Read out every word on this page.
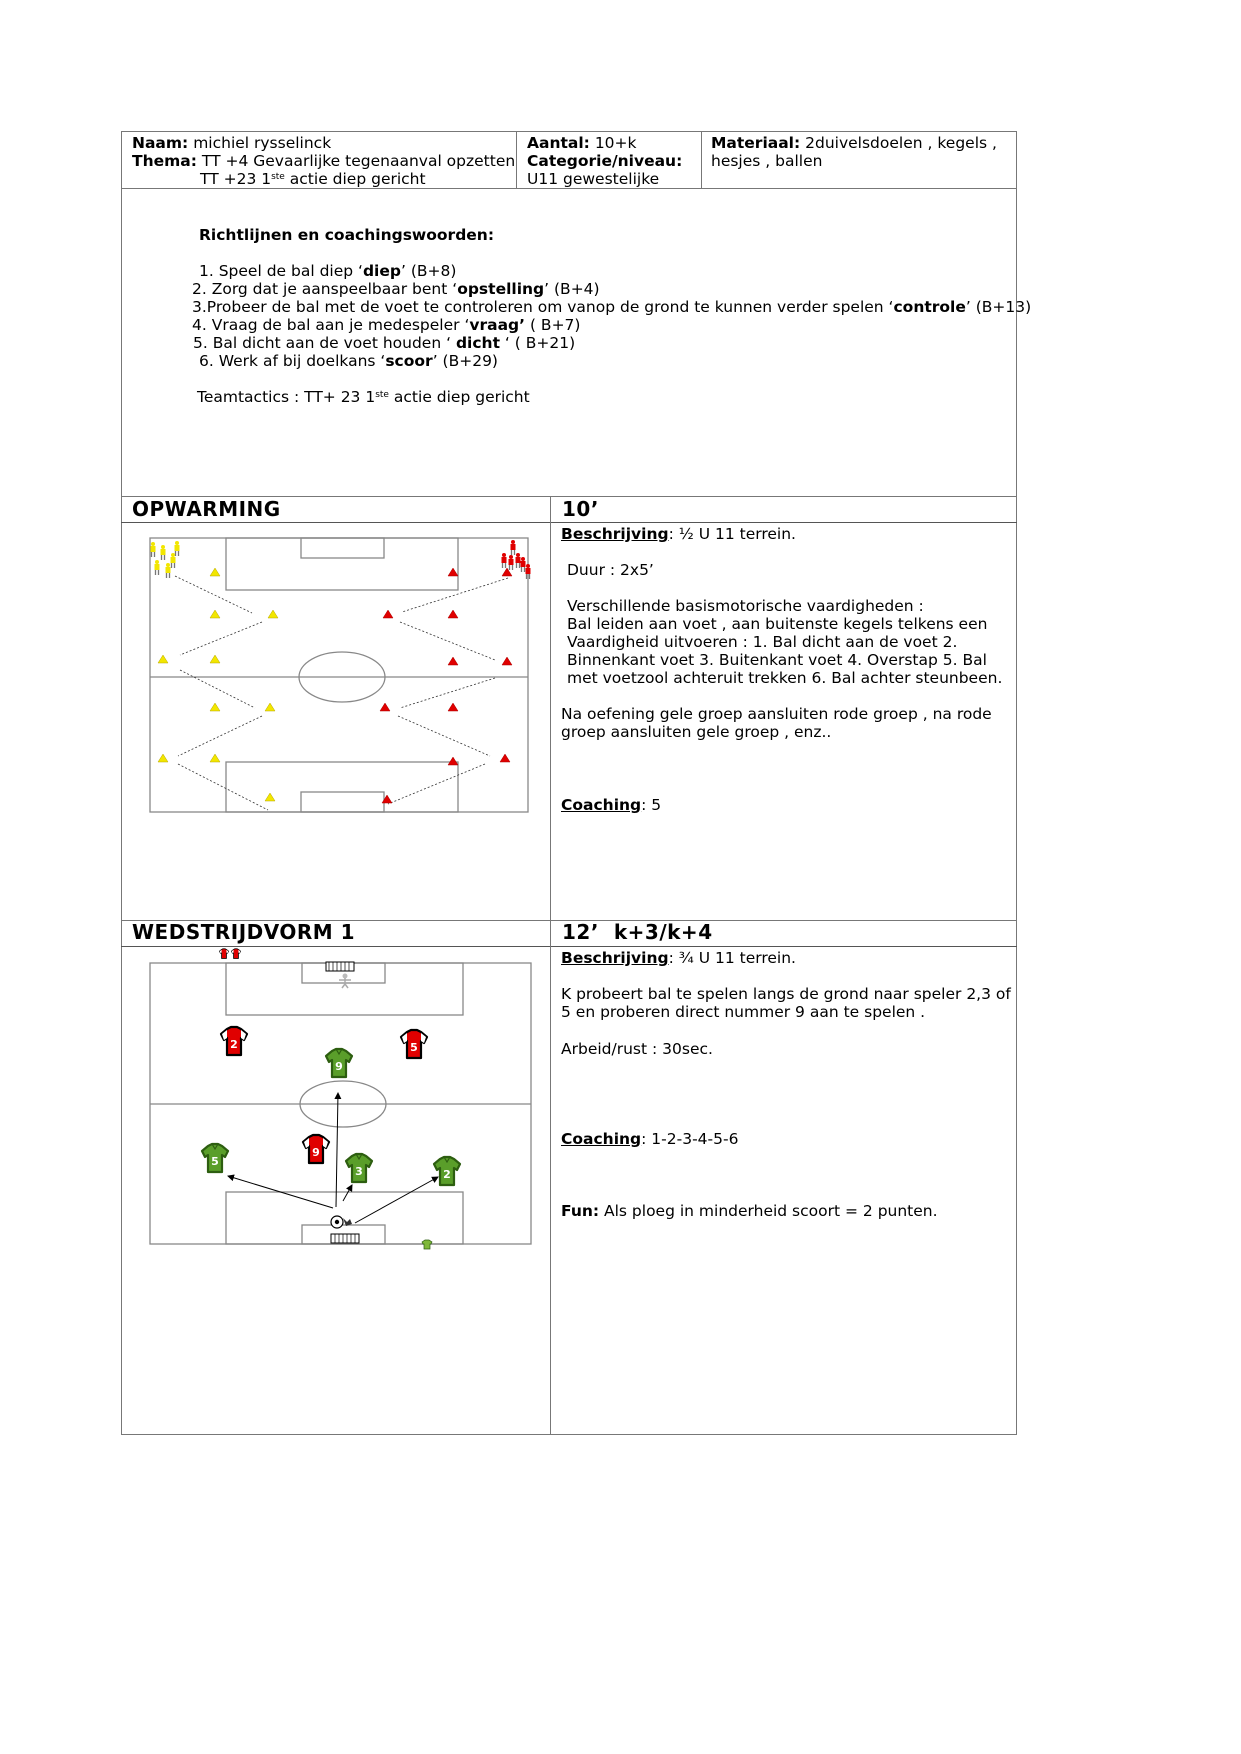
Naam: michiel rysselinck
Thema: TT +4 Gevaarlijke tegenaanval opzetten
TT +23 1ste actie diep gericht
Aantal: 10+k
Categorie/niveau:
U11 gewestelijke
Materiaal: 2duivelsdoelen , kegels ,
hesjes , ballen
Richtlijnen en coachingswoorden:
1. Speel de bal diep ‘diep’ (B+8)
2. Zorg dat je aanspeelbaar bent ‘opstelling’ (B+4)
3.Probeer de bal met de voet te controleren om vanop de grond te kunnen verder spelen ‘controle’ (B+13)
4. Vraag de bal aan je medespeler ‘vraag’ ( B+7)
5. Bal dicht aan de voet houden ‘ dicht ‘ ( B+21)
6. Werk af bij doelkans ‘scoor’ (B+29)
Teamtactics : TT+ 23 1ste actie diep gericht
OPWARMING	10’
Beschrijving: ½ U 11 terrein.
Duur : 2x5’
Verschillende basismotorische vaardigheden :
Bal leiden aan voet , aan buitenste kegels telkens een
Vaardigheid uitvoeren : 1. Bal dicht aan de voet 2.
Binnenkant voet 3. Buitenkant voet 4. Overstap 5. Bal
met voetzool achteruit trekken 6. Bal achter steunbeen.
Na oefening gele groep aansluiten rode groep , na rode
groep aansluiten gele groep , enz..
Coaching: 5
WEDSTRIJDVORM 1	12’  k+3/k+4
Beschrijving: ¾ U 11 terrein.
K probeert bal te spelen langs de grond naar speler 2,3 of
5 en proberen direct nummer 9 aan te spelen .
Arbeid/rust : 30sec.
Coaching: 1-2-3-4-5-6
Fun: Als ploeg in minderheid scoort = 2 punten.
2	5
9
9
5
3	2
